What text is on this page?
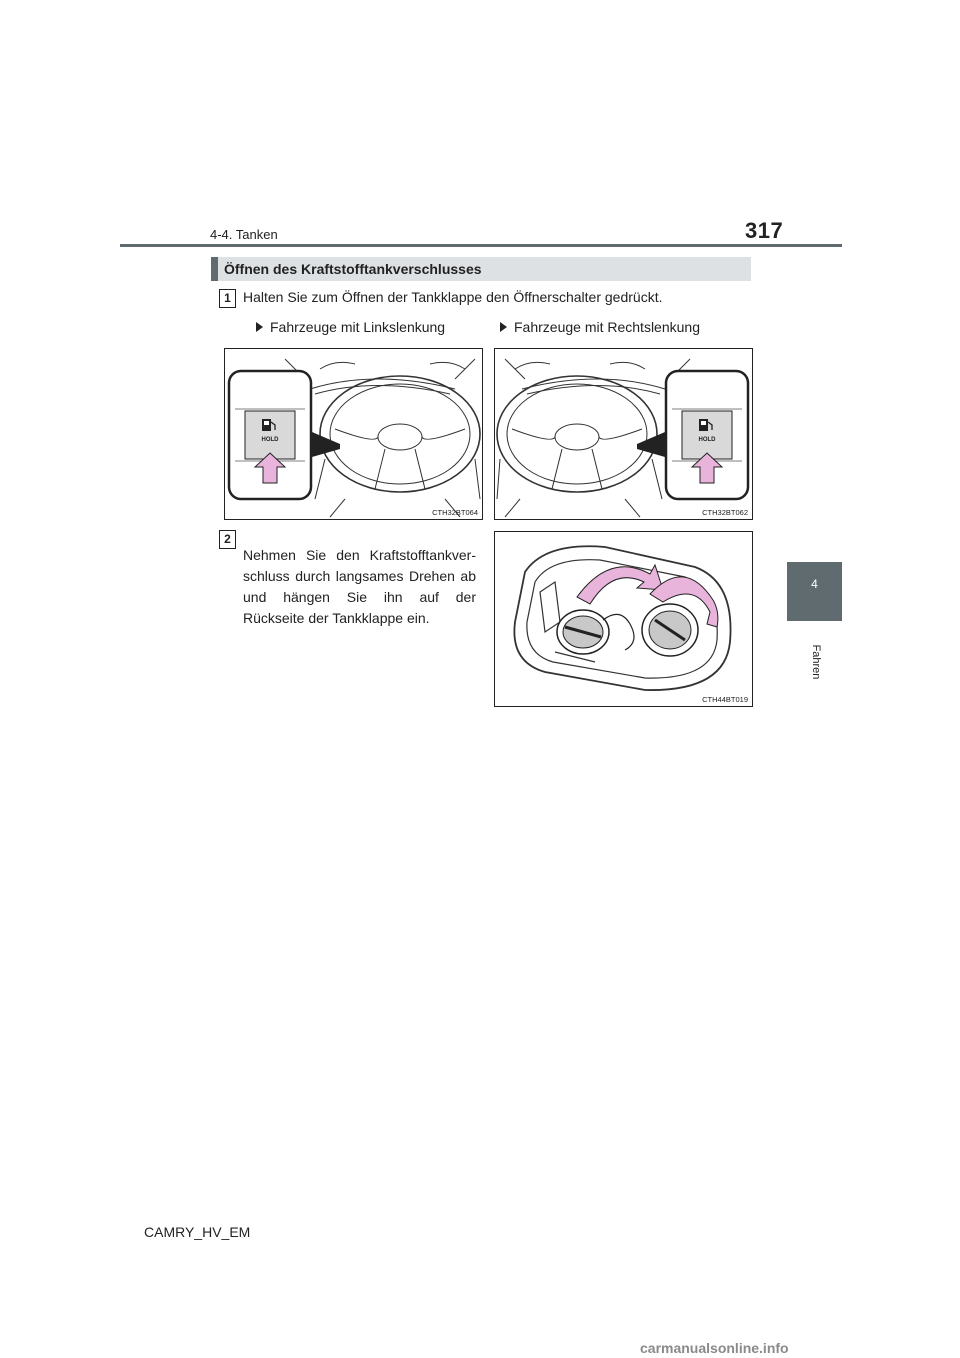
4-4. Tanken	317
4
Fahren
Öffnen des Kraftstofftankverschlusses
1 Halten Sie zum Öffnen der Tankklappe den Öffnerschalter gedrückt.
Fahrzeuge mit Linkslenkung	Fahrzeuge mit Rechtslenkung
HOLD
CTH32BT064
HOLD
CTH32BT062
2
Nehmen Sie den Kraftstofftankver-schluss durch langsames Drehen ab und hängen Sie ihn auf der Rückseite der Tankklappe ein.
CTH44BT019
CAMRY_HV_EM
carmanualsonline.info
